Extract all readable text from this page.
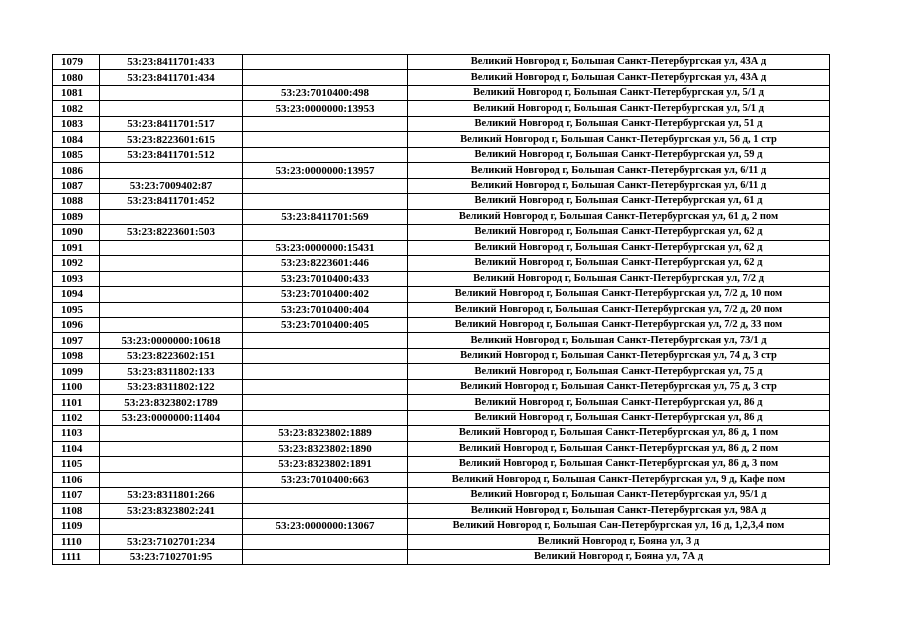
1079	53:23:8411701:433		Великий Новгород г, Большая Санкт-Петербургская ул, 43А д
1080	53:23:8411701:434		Великий Новгород г, Большая Санкт-Петербургская ул, 43А д
1081		53:23:7010400:498	Великий Новгород г, Большая Санкт-Петербургская ул, 5/1 д
1082		53:23:0000000:13953	Великий Новгород г, Большая Санкт-Петербургская ул, 5/1 д
1083	53:23:8411701:517		Великий Новгород г, Большая Санкт-Петербургская ул, 51 д
1084	53:23:8223601:615		Великий Новгород г, Большая Санкт-Петербургская ул, 56 д, 1 стр
1085	53:23:8411701:512		Великий Новгород г, Большая Санкт-Петербургская ул, 59 д
1086		53:23:0000000:13957	Великий Новгород г, Большая Санкт-Петербургская ул, 6/11 д
1087	53:23:7009402:87		Великий Новгород г, Большая Санкт-Петербургская ул, 6/11 д
1088	53:23:8411701:452		Великий Новгород г, Большая Санкт-Петербургская ул, 61 д
1089		53:23:8411701:569	Великий Новгород г, Большая Санкт-Петербургская ул, 61 д, 2 пом
1090	53:23:8223601:503		Великий Новгород г, Большая Санкт-Петербургская ул, 62 д
1091		53:23:0000000:15431	Великий Новгород г, Большая Санкт-Петербургская ул, 62 д
1092		53:23:8223601:446	Великий Новгород г, Большая Санкт-Петербургская ул, 62 д
1093		53:23:7010400:433	Великий Новгород г, Большая Санкт-Петербургская ул, 7/2 д
1094		53:23:7010400:402	Великий Новгород г, Большая Санкт-Петербургская ул, 7/2 д, 10 пом
1095		53:23:7010400:404	Великий Новгород г, Большая Санкт-Петербургская ул, 7/2 д, 20 пом
1096		53:23:7010400:405	Великий Новгород г, Большая Санкт-Петербургская ул, 7/2 д, 33 пом
1097	53:23:0000000:10618		Великий Новгород г, Большая Санкт-Петербургская ул, 73/1 д
1098	53:23:8223602:151		Великий Новгород г, Большая Санкт-Петербургская ул, 74 д, 3 стр
1099	53:23:8311802:133		Великий Новгород г, Большая Санкт-Петербургская ул, 75 д
1100	53:23:8311802:122		Великий Новгород г, Большая Санкт-Петербургская ул, 75 д, 3 стр
1101	53:23:8323802:1789		Великий Новгород г, Большая Санкт-Петербургская ул, 86 д
1102	53:23:0000000:11404		Великий Новгород г, Большая Санкт-Петербургская ул, 86 д
1103		53:23:8323802:1889	Великий Новгород г, Большая Санкт-Петербургская ул, 86 д, 1 пом
1104		53:23:8323802:1890	Великий Новгород г, Большая Санкт-Петербургская ул, 86 д, 2 пом
1105		53:23:8323802:1891	Великий Новгород г, Большая Санкт-Петербургская ул, 86 д, 3 пом
1106		53:23:7010400:663	Великий Новгород г, Большая Санкт-Петербургская ул, 9 д, Кафе пом
1107	53:23:8311801:266		Великий Новгород г, Большая Санкт-Петербургская ул, 95/1 д
1108	53:23:8323802:241		Великий Новгород г, Большая Санкт-Петербургская ул, 98А д
1109		53:23:0000000:13067	Великий Новгород г, Большая Сан-Петербургская ул, 16 д, 1,2,3,4 пом
1110	53:23:7102701:234		Великий Новгород г, Бояна ул, 3 д
1111	53:23:7102701:95		Великий Новгород г, Бояна ул, 7А д
